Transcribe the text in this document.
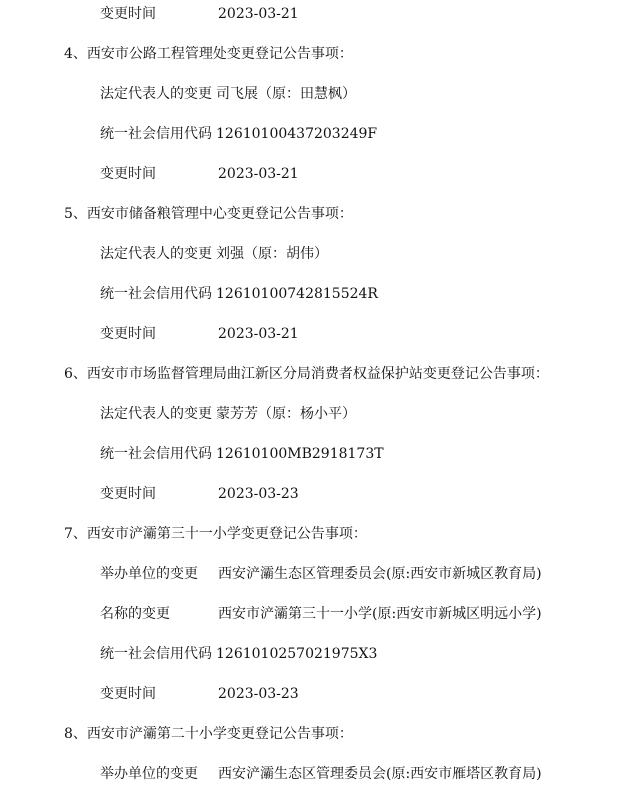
变更时间	2023-03-21
4、西安市公路工程管理处变更登记公告事项：
法定代表人的变更 司飞展（原：田慧枫）
统一社会信用代码 12610100437203249F
变更时间	2023-03-21
5、西安市储备粮管理中心变更登记公告事项：
法定代表人的变更 刘强（原：胡伟）
统一社会信用代码 12610100742815524R
变更时间	2023-03-21
6、西安市市场监督管理局曲江新区分局消费者权益保护站变更登记公告事项：
法定代表人的变更 蒙芳芳（原：杨小平）
统一社会信用代码 12610100MB2918173T
变更时间	2023-03-23
7、西安市浐灞第三十一小学变更登记公告事项：
举办单位的变更 西安浐灞生态区管理委员会(原:西安市新城区教育局)
名称的变更	西安市浐灞第三十一小学(原:西安市新城区明远小学)
统一社会信用代码 1261010257021975X3
变更时间	2023-03-23
8、西安市浐灞第二十小学变更登记公告事项：
举办单位的变更 西安浐灞生态区管理委员会(原:西安市雁塔区教育局)
